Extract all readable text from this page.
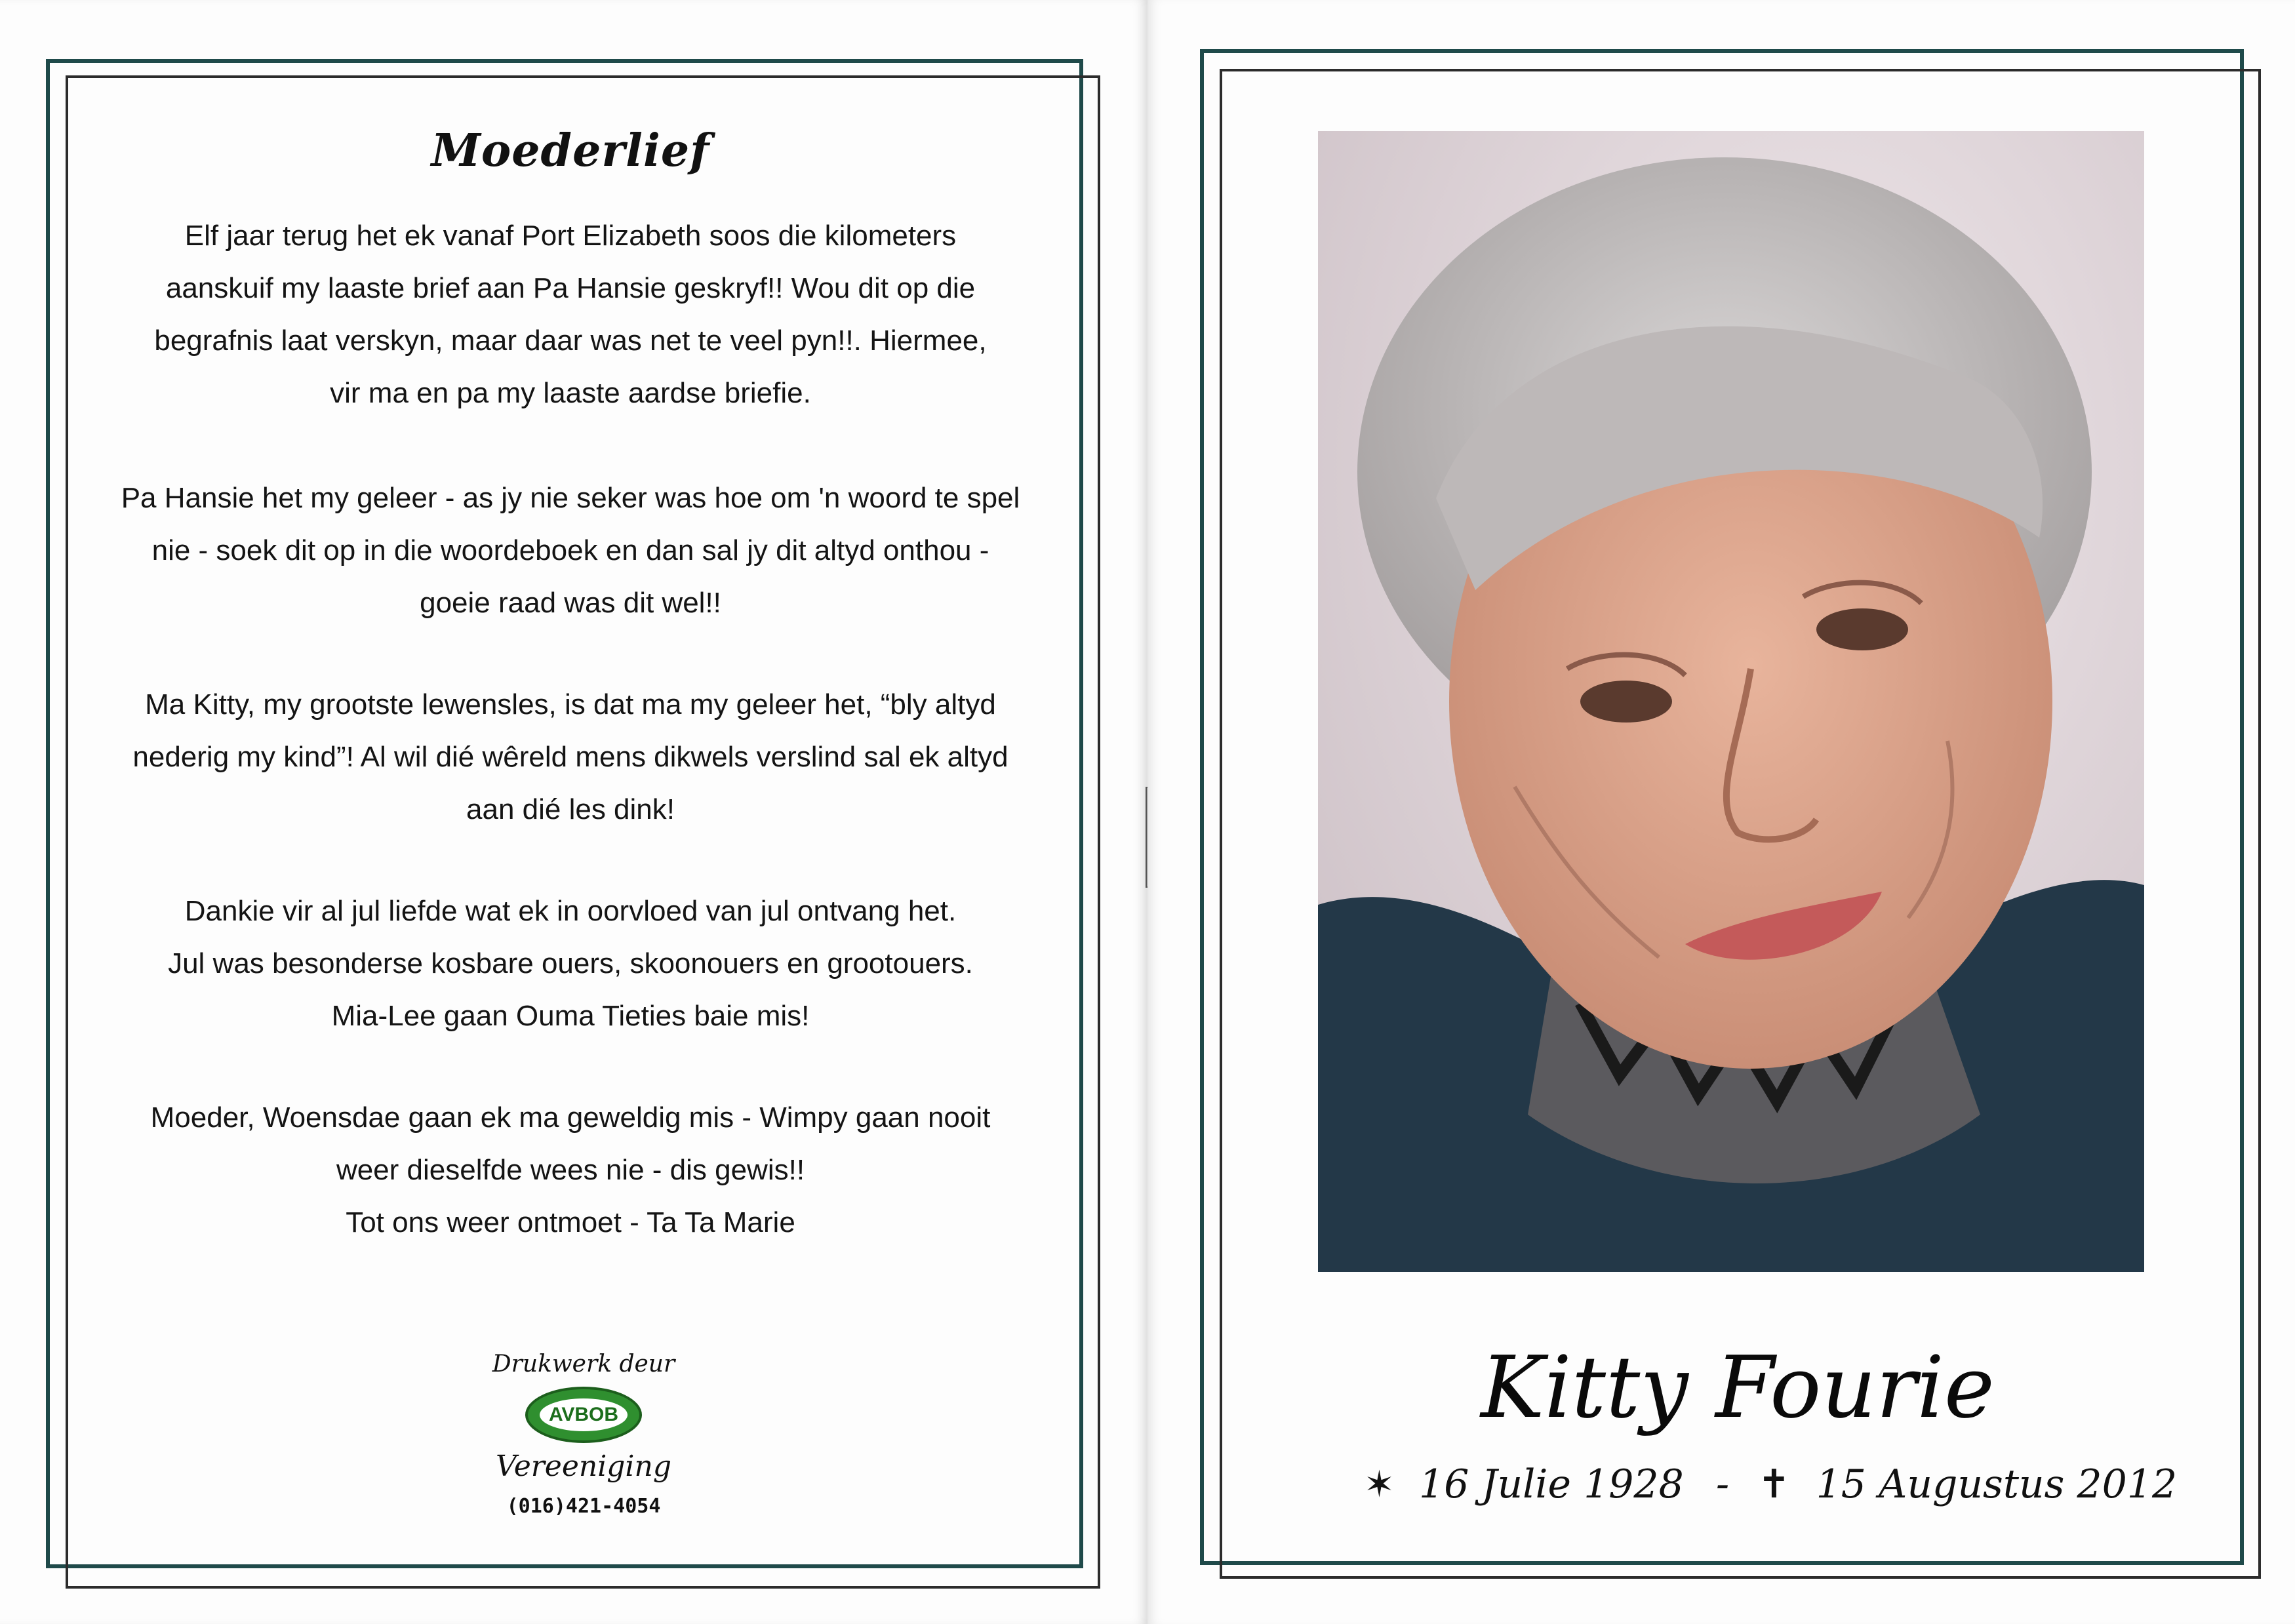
Moederlief
Elf jaar terug het ek vanaf Port Elizabeth soos die kilometers
aanskuif my laaste brief aan Pa Hansie geskryf!! Wou dit op die
begrafnis laat verskyn, maar daar was net te veel pyn!!. Hiermee,
vir ma en pa my laaste aardse briefie.
Pa Hansie het my geleer - as jy nie seker was hoe om 'n woord te spel
nie - soek dit op in die woordeboek en dan sal jy dit altyd onthou -
goeie raad was dit wel!!
Ma Kitty, my grootste lewensles, is dat ma my geleer het, “bly altyd
nederig my kind”! Al wil dié wêreld mens dikwels verslind sal ek altyd
aan dié les dink!
Dankie vir al jul liefde wat ek in oorvloed van jul ontvang het.
Jul was besonderse kosbare ouers, skoonouers en grootouers.
Mia-Lee gaan Ouma Tieties baie mis!
Moeder, Woensdae gaan ek ma geweldig mis - Wimpy gaan nooit
weer dieselfde wees nie - dis gewis!!
Tot ons weer ontmoet - Ta Ta Marie
Drukwerk deur
AVBOB
Vereeniging
(016)421-4054
Kitty Fourie
✶ 16 Julie 1928 - ✝ 15 Augustus 2012
